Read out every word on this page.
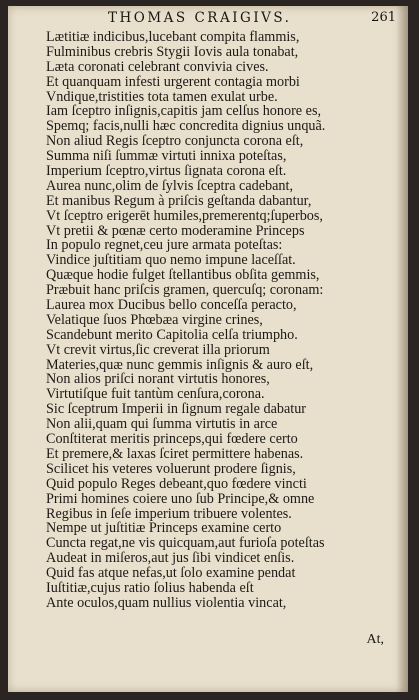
THOMAS CRAIGIVS.	261
Lætitiæ indicibus,lucebant compita flammis,
Fulminibus crebris Stygii Iovis aula tonabat,
Læta coronati celebrant convivia cives.
Et quanquam infesti urgerent contagia morbi
Vndique,tristities tota tamen exulat urbe.
Iam ſceptro inſignis,capitis jam celſus honore es,
Spemq; facis,nulli hæc concredita dignius unquã.
Non aliud Regis ſceptro conjuncta corona eſt,
Summa niſi ſummæ virtuti innixa poteſtas,
Imperium ſceptro,virtus ſignata corona eſt.
Aurea nunc,olim de ſylvis ſceptra cadebant,
Et manibus Regum à priſcis geſtanda dabantur,
Vt ſceptro erigerēt humiles,premerentq;ſuperbos,
Vt pretii & pœnæ certo moderamine Princeps
In populo regnet,ceu jure armata poteſtas:
Vindice juſtitiam quo nemo impune laceſſat.
Quæque hodie fulget ſtellantibus obſita gemmis,
Præbuit hanc priſcis gramen, quercuſq; coronam:
Laurea mox Ducibus bello conceſſa peracto,
Velatique ſuos Phœbæa virgine crines,
Scandebunt merito Capitolia celſa triumpho.
Vt crevit virtus,ſic creverat illa priorum
Materies,quæ nunc gemmis inſignis & auro eſt,
Non alios priſci norant virtutis honores,
Virtutiſque fuit tantùm cenſura,corona.
Sic ſceptrum Imperii in ſignum regale dabatur
Non alii,quam qui ſumma virtutis in arce
Conſtiterat meritis princeps,qui fœdere certo
Et premere,& laxas ſciret permittere habenas.
Scilicet his veteres voluerunt prodere ſignis,
Quid populo Reges debeant,quo fœdere vincti
Primi homines coiere uno ſub Principe,& omne
Regibus in ſeſe imperium tribuere volentes.
Nempe ut juſtitiæ Princeps examine certo
Cuncta regat,ne vis quicquam,aut furioſa poteſtas
Audeat in miſeros,aut jus ſibi vindicet enſis.
Quid fas atque nefas,ut ſolo examine pendat
Iuſtitiæ,cujus ratio ſolius habenda eſt
Ante oculos,quam nullius violentia vincat,
At,
